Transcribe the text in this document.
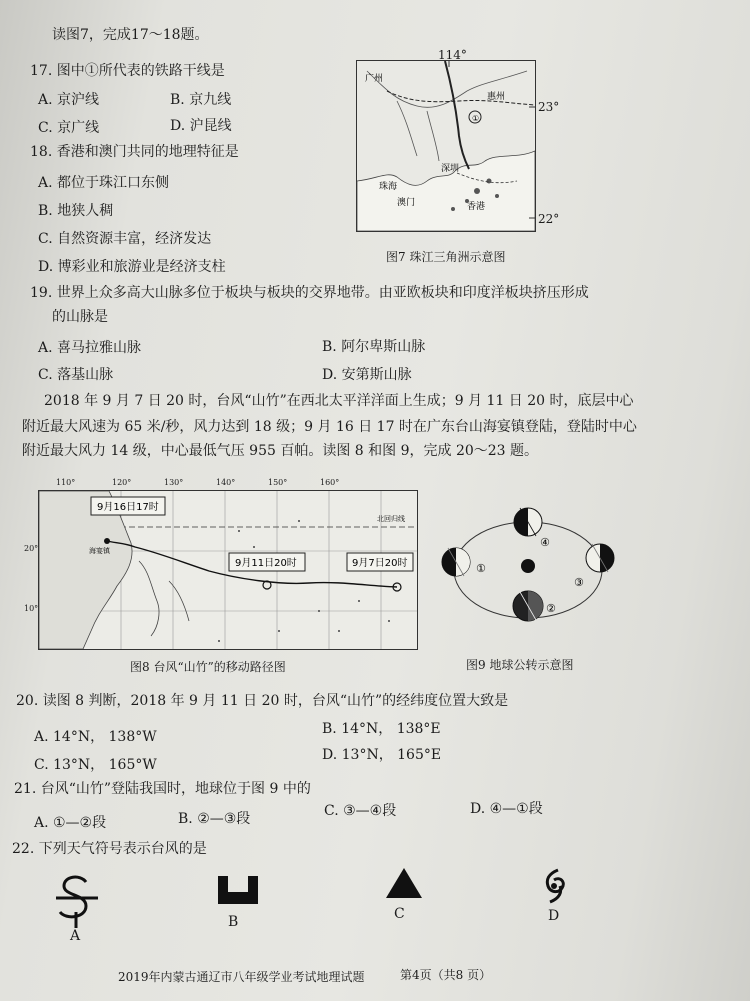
读图7，完成17～18题。
17. 图中①所代表的铁路干线是
A. 京沪线	B. 京九线
C. 京广线	D. 沪昆线
18. 香港和澳门共同的地理特征是
A. 都位于珠江口东侧
B. 地狭人稠
C. 自然资源丰富，经济发达
D. 博彩业和旅游业是经济支柱
①
广州
惠州
深圳
珠海
澳门	香港
114°
23°
22°
图7 珠江三角洲示意图
19. 世界上众多高大山脉多位于板块与板块的交界地带。由亚欧板块和印度洋板块挤压形成
的山脉是
A. 喜马拉雅山脉	B. 阿尔卑斯山脉
C. 落基山脉	D. 安第斯山脉
2018 年 9 月 7 日 20 时，台风“山竹”在西北太平洋洋面上生成；9 月 11 日 20 时，底层中心
附近最大风速为 65 米/秒，风力达到 18 级；9 月 16 日 17 时在广东台山海宴镇登陆，登陆时中心
附近最大风力 14 级，中心最低气压 955 百帕。读图 8 和图 9，完成 20～23 题。
9月16日17时
9月11日20时	9月7日20时
北回归线
海宴镇
110°	120°	130°	140°	150°	160°
20°
10°
图8 台风“山竹”的移动路径图
①
②
③
④
图9 地球公转示意图
20. 读图 8 判断，2018 年 9 月 11 日 20 时，台风“山竹”的经纬度位置大致是
A. 14°N， 138°W	B. 14°N， 138°E
C. 13°N， 165°W
D. 13°N， 165°E
21. 台风“山竹”登陆我国时，地球位于图 9 中的
A. ①—②段	B. ②—③段	C. ③—④段	D. ④—①段
22. 下列天气符号表示台风的是
A
B	C	D
2019年内蒙古通辽市八年级学业考试地理试题	第4页（共8 页）
